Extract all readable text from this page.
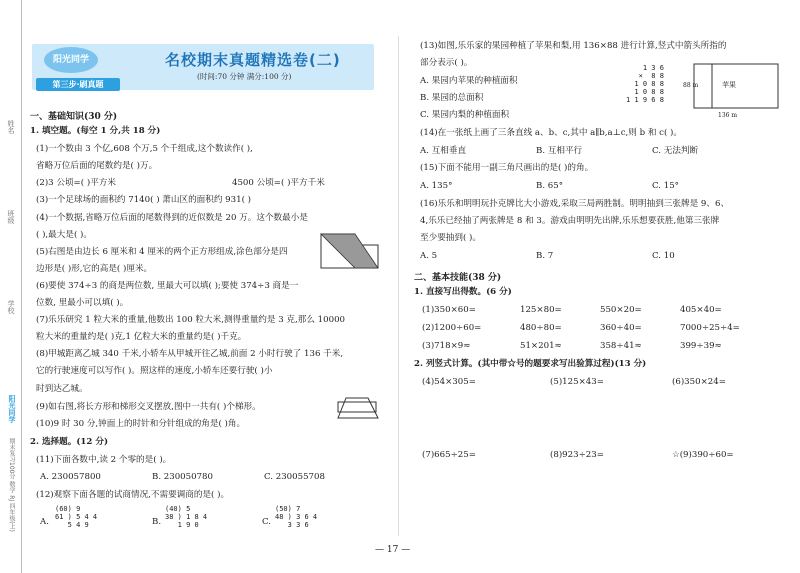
姓名
班级
学校
阳光同学
期末复习100分 数学 RJ 四年级(上)
阳光同学
第三步·刷真题
名校期末真题精选卷(二)
(时间:70 分钟 满分:100 分)
一、基础知识(30 分)
1. 填空题。(每空 1 分,共 18 分)
(1)一个数由 3 个亿,608 个万,5 个千组成,这个数读作( ),
省略万位后面的尾数约是( )万。
(2)3 公顷=( )平方米	4500 公顷=( )平方千米
(3)一个足球场的面积约 7140( ) 萧山区的面积约 931( )
(4)一个数据,省略万位后面的尾数得到的近似数是 20 万。这个数最小是
( ),最大是( )。
(5)右图是由边长 6 厘米和 4 厘米的两个正方形组成,涂色部分是四
边形是( )形,它的高是( )厘米。
(6)要使 374÷3 的商是两位数, 里最大可以填( );要使 374÷3 商是一
位数, 里最小可以填( )。
(7)乐乐研究 1 粒大米的重量,他数出 100 粒大米,测得重量约是 3 克,那么 10000
粒大米的重量约是( )克,1 亿粒大米的重量约是( )千克。
(8)甲城距离乙城 340 千米,小轿车从甲城开往乙城,前面 2 小时行驶了 136 千米,
它的行驶速度可以写作( )。照这样的速度,小轿车还要行驶( )小
时到达乙城。
(9)如右图,将长方形和梯形交叉摆放,图中一共有( )个梯形。
(10)9 时 30 分,钟面上的时针和分针组成的角是( )角。
2. 选择题。(12 分)
(11)下面各数中,读 2 个零的是( )。
A. 230057800	B. 230050780	C. 230055708
(12)观察下面各题的试商情况,不需要调商的是( )。
A.
(60) 9
61 ) 5 4 4
5 4 9	B.
(40) 5
38 ) 1 8 4
1 9 0	C.
(50) 7
48 ) 3 6 4
3 3 6
(13)如图,乐乐家的果园种植了苹果和梨,用 136×88 进行计算,竖式中箭头所指的
部分表示( )。
A. 果园内苹果的种植面积
B. 果园的总面积
C. 果园内梨的种植面积
1 3 6
×  8 8
1 0 8 8
1 0 8 8
1 1 9 6 8
苹果
136 m
88 m
(14)在一张纸上画了三条直线 a、b、c,其中 a∥b,a⊥c,则 b 和 c( )。
A. 互相垂直	B. 互相平行	C. 无法判断
(15)下面不能用一副三角尺画出的是( )的角。
A. 135°	B. 65°	C. 15°
(16)乐乐和明明玩扑克牌比大小游戏,采取三局两胜制。明明抽到三张牌是 9、6、
4,乐乐已经抽了两张牌是 8 和 3。游戏由明明先出牌,乐乐想要获胜,他第三张牌
至少要抽到( )。
A. 5	B. 7	C. 10
二、基本技能(38 分)
1. 直接写出得数。(6 分)
(1)350×60=	125×80=	550×20=	405×40=
(2)1200÷60=	480÷80=	360÷40=	7000÷25÷4=
(3)718×9≈	51×201≈	358÷41≈	399÷39≈
2. 列竖式计算。(其中带☆号的题要求写出验算过程)(13 分)
(4)54×305=	(5)125×43=	(6)350×24=
(7)665÷25=	(8)923÷23=	☆(9)390÷60=
— 17 —
